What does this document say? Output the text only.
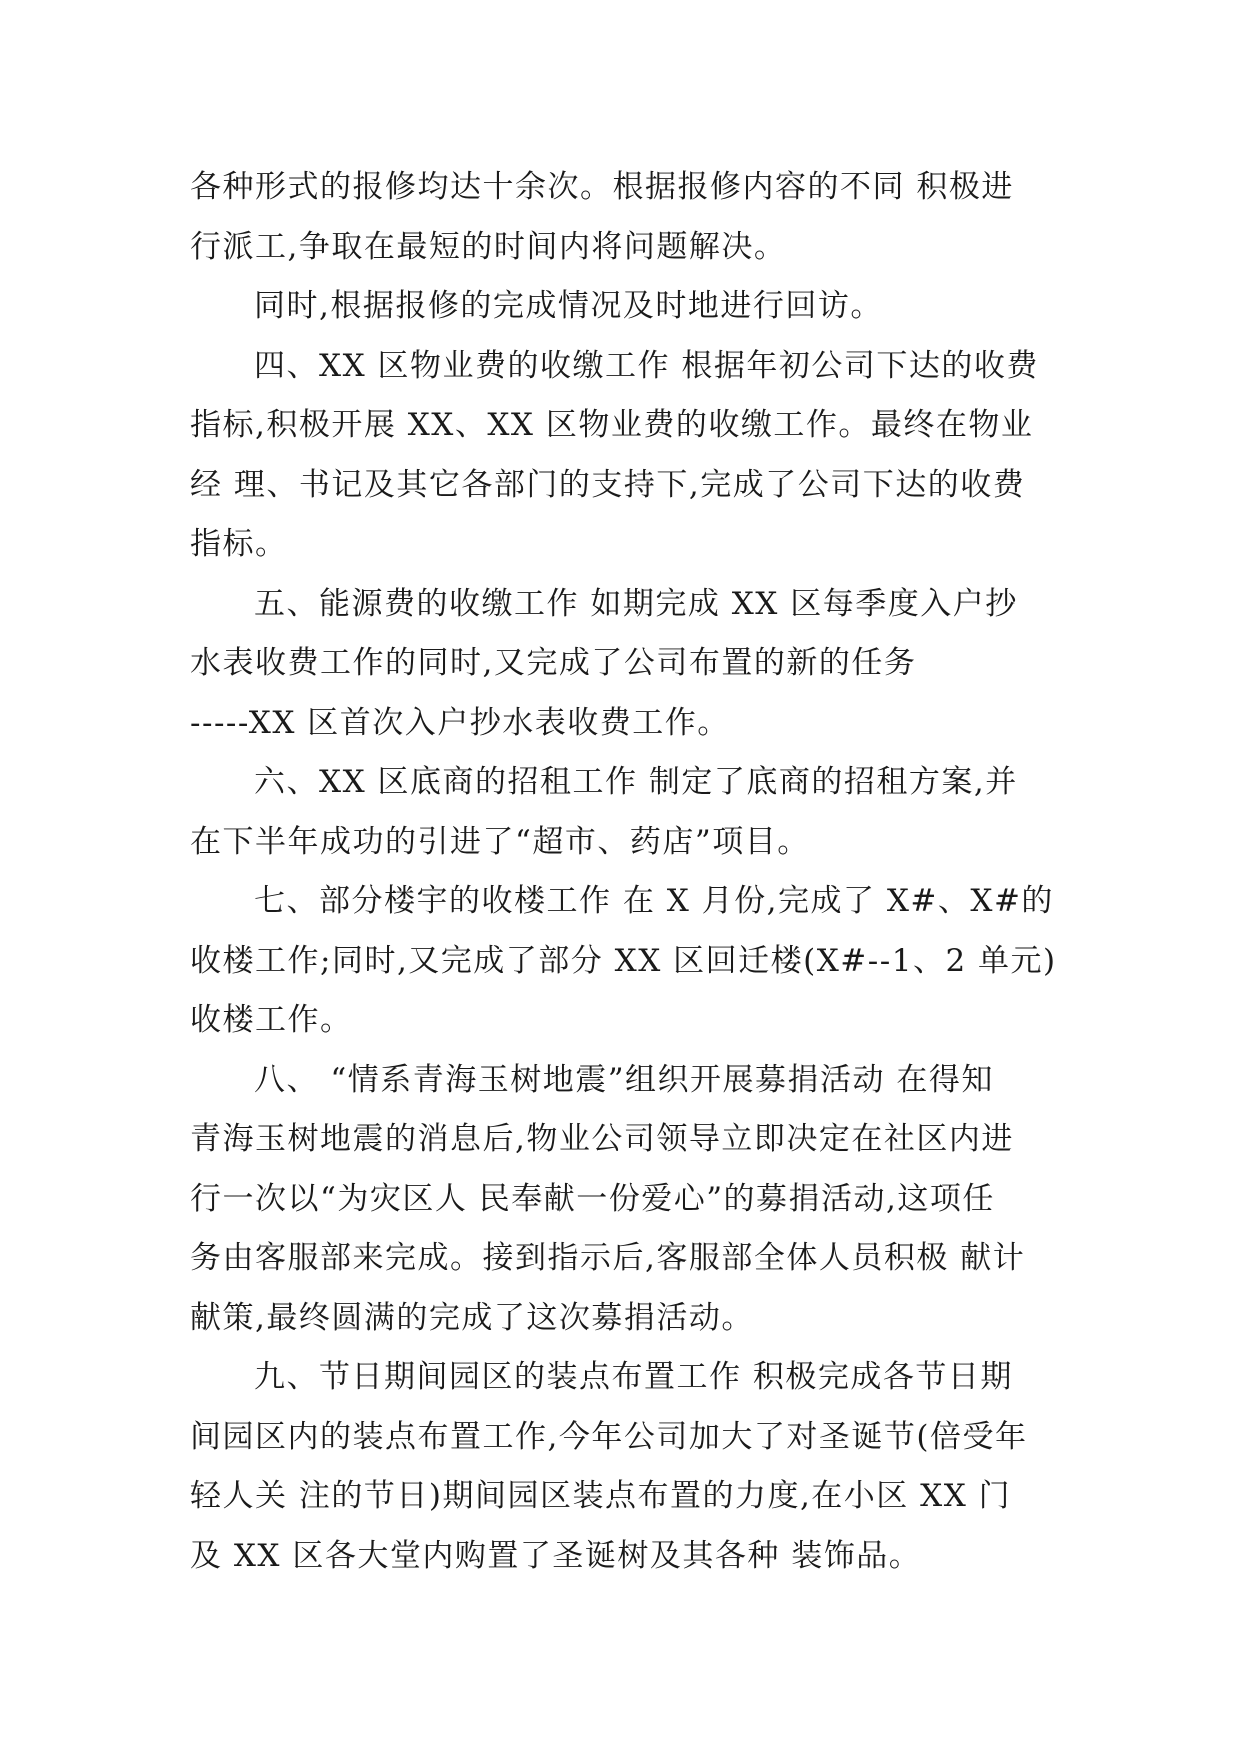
各种形式的报修均达十余次。根据报修内容的不同 积极进
行派工,争取在最短的时间内将问题解决。
同时,根据报修的完成情况及时地进行回访。
四、XX 区物业费的收缴工作 根据年初公司下达的收费
指标,积极开展 XX、XX 区物业费的收缴工作。最终在物业
经 理、书记及其它各部门的支持下,完成了公司下达的收费
指标。
五、能源费的收缴工作 如期完成 XX 区每季度入户抄
水表收费工作的同时,又完成了公司布置的新的任务
-----XX 区首次入户抄水表收费工作。
六、XX 区底商的招租工作 制定了底商的招租方案,并
在下半年成功的引进了“超市、药店”项目。
七、部分楼宇的收楼工作 在 X 月份,完成了 X#、X#的
收楼工作;同时,又完成了部分 XX 区回迁楼(X#--1、2 单元)
收楼工作。
八、 “情系青海玉树地震”组织开展募捐活动 在得知
青海玉树地震的消息后,物业公司领导立即决定在社区内进
行一次以“为灾区人 民奉献一份爱心”的募捐活动,这项任
务由客服部来完成。接到指示后,客服部全体人员积极 献计
献策,最终圆满的完成了这次募捐活动。
九、节日期间园区的装点布置工作 积极完成各节日期
间园区内的装点布置工作,今年公司加大了对圣诞节(倍受年
轻人关 注的节日)期间园区装点布置的力度,在小区 XX 门
及 XX 区各大堂内购置了圣诞树及其各种 装饰品。
